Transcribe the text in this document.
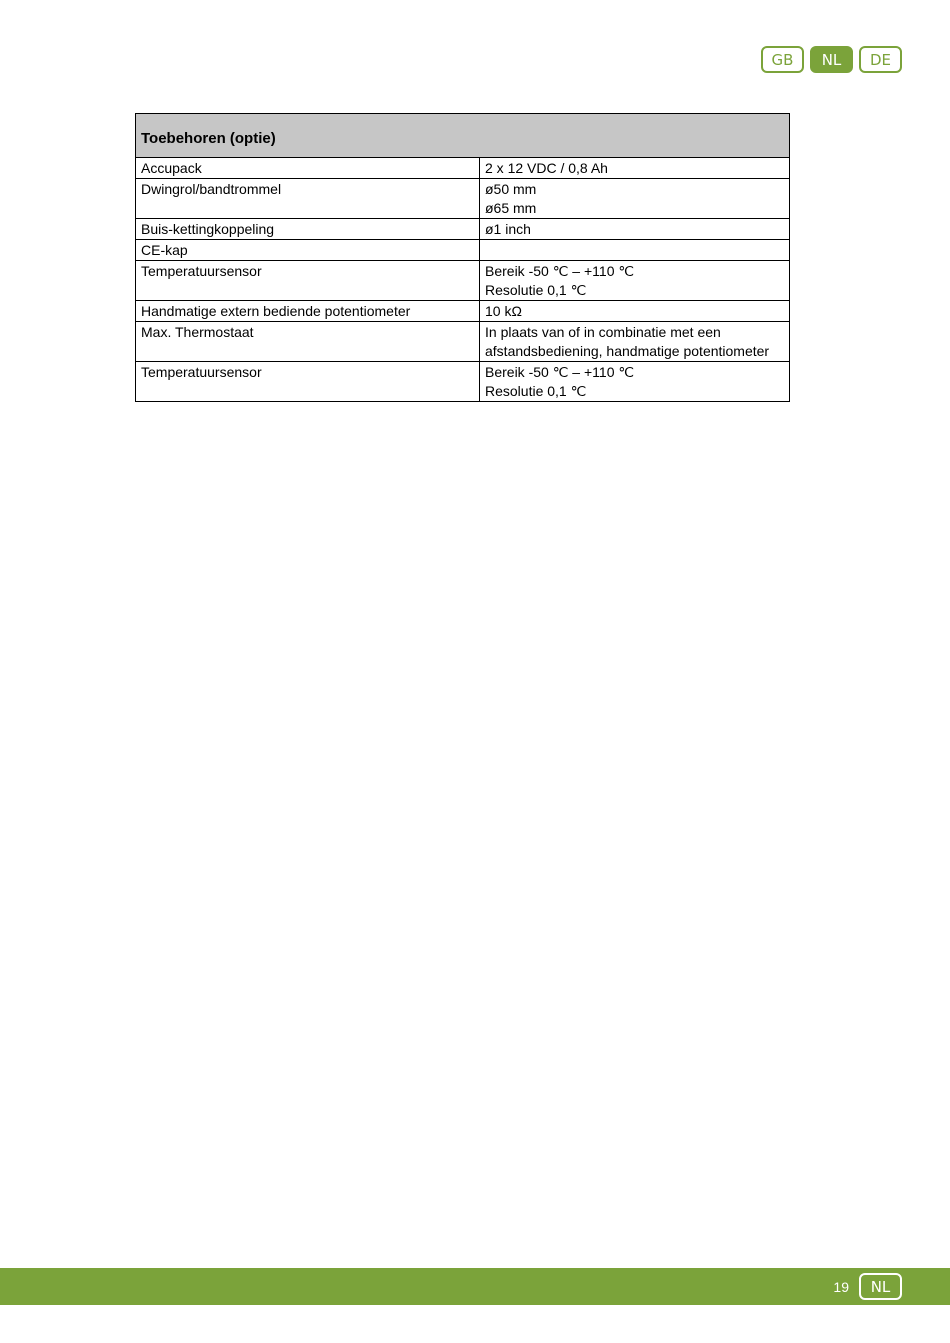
GB	NL	DE
Toebehoren (optie)	
Accupack	2 x 12 VDC / 0,8 Ah

Dwingrol/bandtrommel	ø50 mm
ø65 mm

Buis-kettingkoppeling	ø1 inch

CE-kap	

Temperatuursensor	Bereik -50 ℃ – +110 ℃
Resolutie 0,1 ℃

Handmatige extern bediende potentiometer	10 kΩ

Max. Thermostaat	In plaats van of in combinatie met een
afstandsbediening, handmatige potentiometer

Temperatuursensor	Bereik -50 ℃ – +110 ℃
Resolutie 0,1 ℃
19	NL
